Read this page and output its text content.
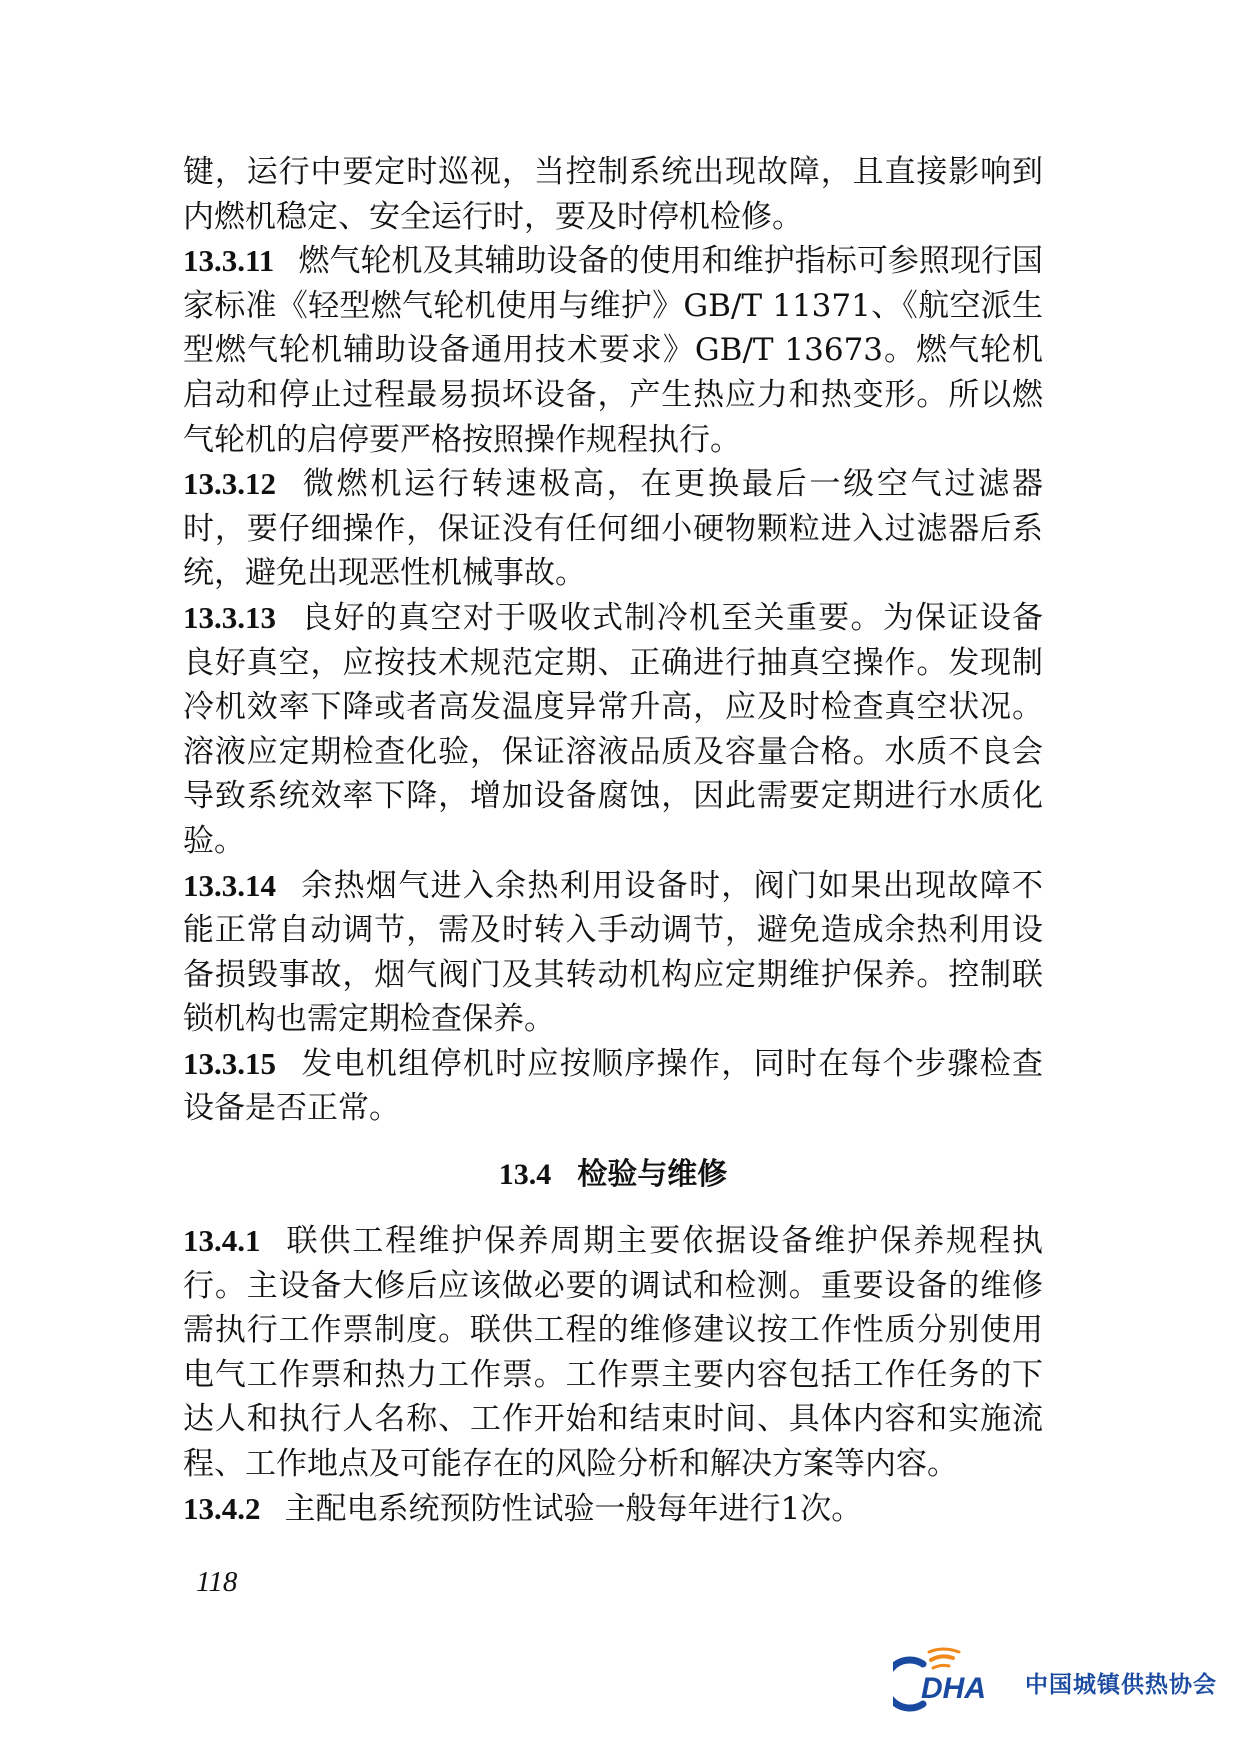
键，运行中要定时巡视，当控制系统出现故障，且直接影响到内燃机稳定、安全运行时，要及时停机检修。

13.3.11 燃气轮机及其辅助设备的使用和维护指标可参照现行国家标准《轻型燃气轮机使用与维护》GB/T 11371、《航空派生型燃气轮机辅助设备通用技术要求》GB/T 13673。燃气轮机启动和停止过程最易损坏设备，产生热应力和热变形。所以燃气轮机的启停要严格按照操作规程执行。

13.3.12 微燃机运行转速极高，在更换最后一级空气过滤器时，要仔细操作，保证没有任何细小硬物颗粒进入过滤器后系统，避免出现恶性机械事故。

13.3.13 良好的真空对于吸收式制冷机至关重要。为保证设备良好真空，应按技术规范定期、正确进行抽真空操作。发现制冷机效率下降或者高发温度异常升高，应及时检查真空状况。溶液应定期检查化验，保证溶液品质及容量合格。水质不良会导致系统效率下降，增加设备腐蚀，因此需要定期进行水质化验。

13.3.14 余热烟气进入余热利用设备时，阀门如果出现故障不能正常自动调节，需及时转入手动调节，避免造成余热利用设备损毁事故，烟气阀门及其转动机构应定期维护保养。控制联锁机构也需定期检查保养。

13.3.15 发电机组停机时应按顺序操作，同时在每个步骤检查设备是否正常。

13.4 检验与维修

13.4.1 联供工程维护保养周期主要依据设备维护保养规程执行。主设备大修后应该做必要的调试和检测。重要设备的维修需执行工作票制度。联供工程的维修建议按工作性质分别使用电气工作票和热力工作票。工作票主要内容包括工作任务的下达人和执行人名称、工作开始和结束时间、具体内容和实施流程、工作地点及可能存在的风险分析和解决方案等内容。

13.4.2 主配电系统预防性试验一般每年进行1次。

118
DHA 中国城镇供热协会
